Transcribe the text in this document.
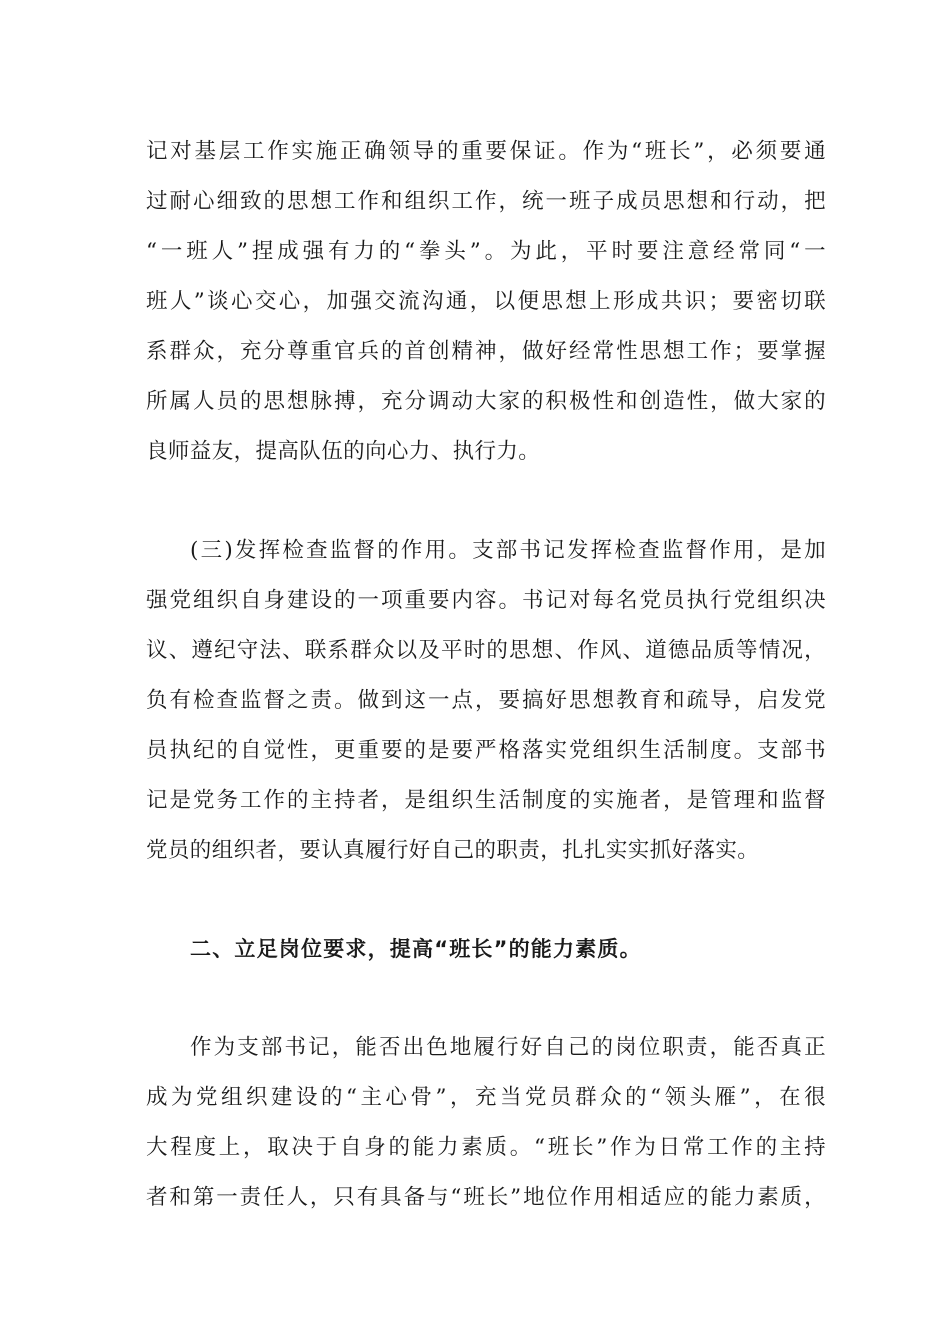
记对基层工作实施正确领导的重要保证。作为“班长”，必须要通
过耐心细致的思想工作和组织工作，统一班子成员思想和行动，把
“一班人”捏成强有力的“拳头”。为此，平时要注意经常同“一
班人”谈心交心，加强交流沟通，以便思想上形成共识；要密切联
系群众，充分尊重官兵的首创精神，做好经常性思想工作；要掌握
所属人员的思想脉搏，充分调动大家的积极性和创造性，做大家的
良师益友，提高队伍的向心力、执行力。
(三)发挥检查监督的作用。支部书记发挥检查监督作用，是加
强党组织自身建设的一项重要内容。书记对每名党员执行党组织决
议、遵纪守法、联系群众以及平时的思想、作风、道德品质等情况，
负有检查监督之责。做到这一点，要搞好思想教育和疏导，启发党
员执纪的自觉性，更重要的是要严格落实党组织生活制度。支部书
记是党务工作的主持者，是组织生活制度的实施者，是管理和监督
党员的组织者，要认真履行好自己的职责，扎扎实实抓好落实。
二、立足岗位要求，提高“班长”的能力素质。
作为支部书记，能否出色地履行好自己的岗位职责，能否真正
成为党组织建设的“主心骨”，充当党员群众的“领头雁”，在很
大程度上，取决于自身的能力素质。“班长”作为日常工作的主持
者和第一责任人，只有具备与“班长”地位作用相适应的能力素质，
